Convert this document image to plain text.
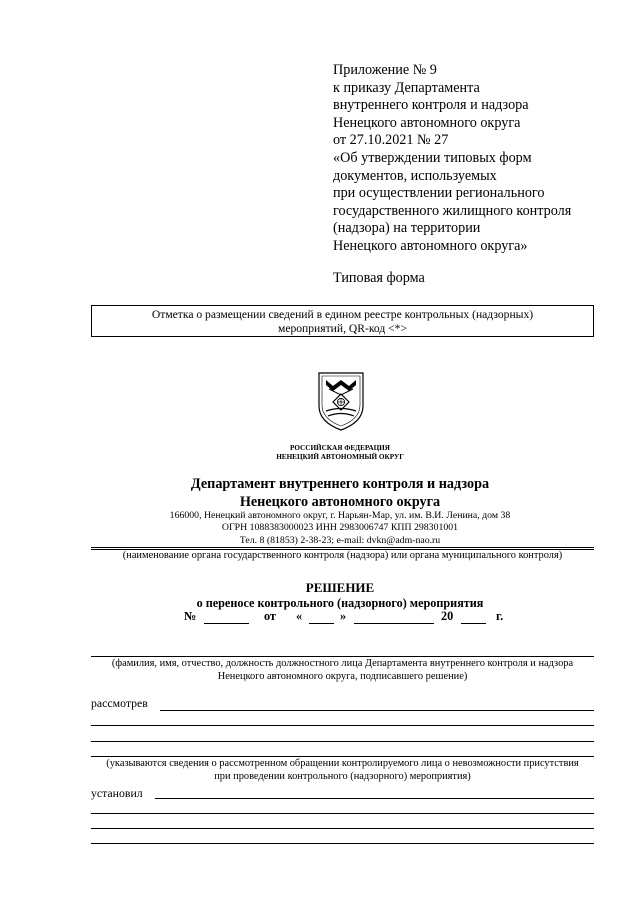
Приложение № 9
к приказу Департамента
внутреннего контроля и надзора
Ненецкого автономного округа
от 27.10.2021 № 27
«Об утверждении типовых форм
документов, используемых
при осуществлении регионального
государственного жилищного контроля
(надзора) на территории
Ненецкого автономного округа»
Типовая форма
Отметка о размещении сведений в едином реестре контрольных (надзорных)
мероприятий, QR-код <*>
РОССИЙСКАЯ ФЕДЕРАЦИЯ
НЕНЕЦКИЙ АВТОНОМНЫЙ ОКРУГ
Департамент внутреннего контроля и надзора
Ненецкого автономного округа
166000, Ненецкий автономного округ, г. Нарьян-Мар, ул. им. В.И. Ленина, дом 38
ОГРН 1088383000023 ИНН 2983006747 КПП 298301001
Тел. 8 (81853) 2-38-23; e-mail: dvkn@adm-nao.ru
(наименование органа государственного контроля (надзора) или органа муниципального контроля)
РЕШЕНИЕ
о переносе контрольного (надзорного) мероприятия
№	от «	»	20	г.
(фамилия, имя, отчество, должность должностного лица Департамента внутреннего контроля и надзора
Ненецкого автономного округа, подписавшего решение)
рассмотрев
(указываются сведения о рассмотренном обращении контролируемого лица о невозможности присутствия
при проведении контрольного (надзорного) мероприятия)
установил
